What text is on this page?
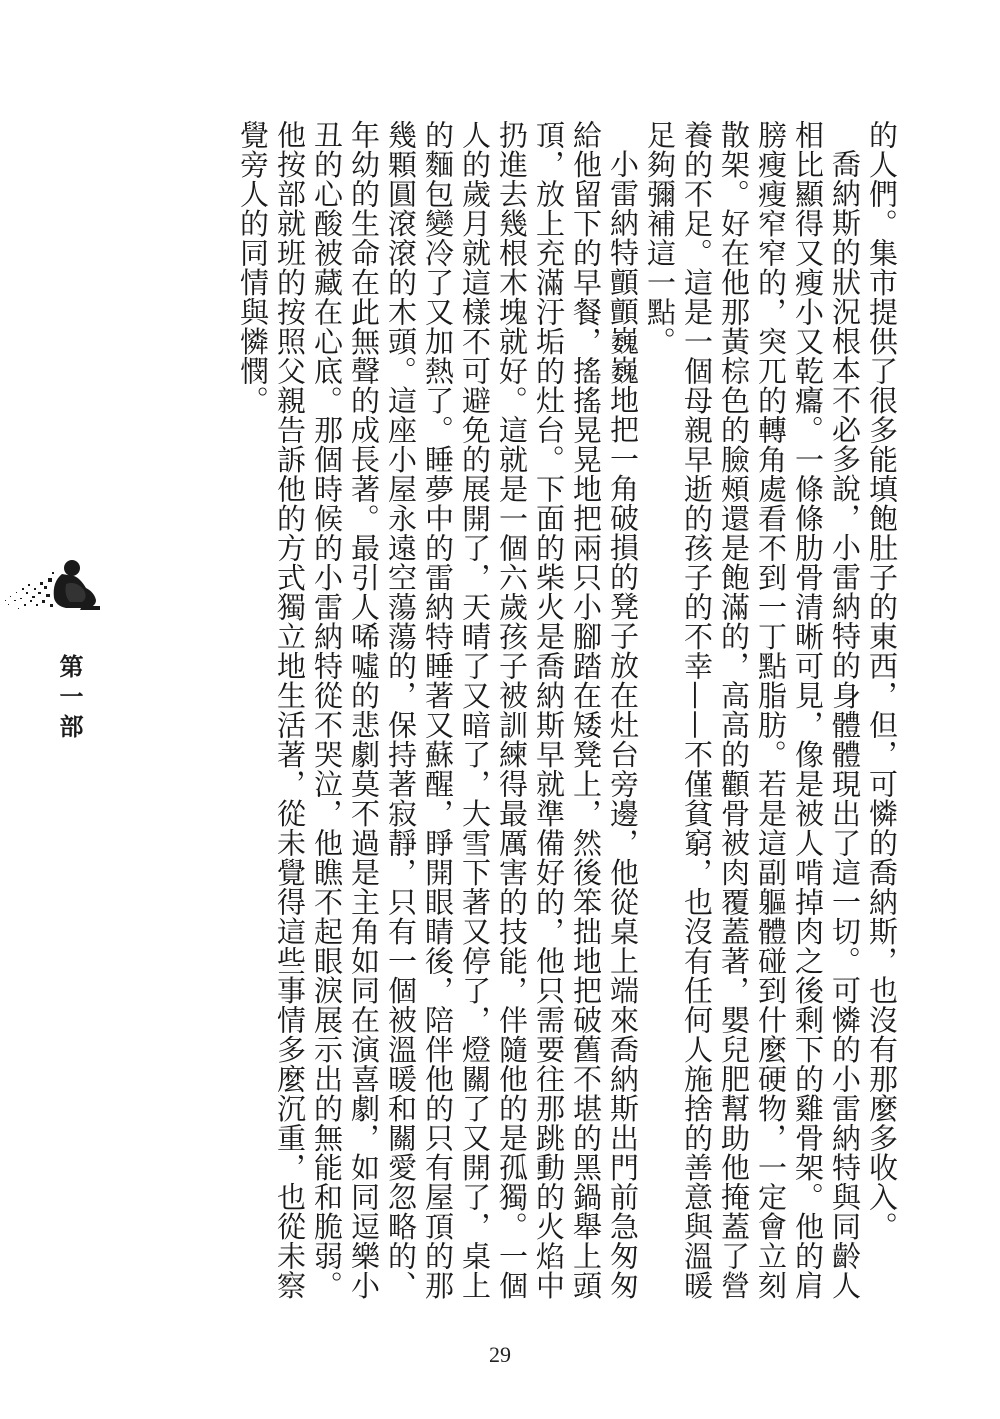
的人們。集市提供了很多能填飽肚子的東西，但，可憐的喬納斯，也沒有那麼多收入。

喬納斯的狀況根本不必多說，小雷納特的身體體現出了這一切。可憐的小雷納特與同齡人相比顯得又瘦小又乾癟。一條條肋骨清晰可見，像是被人啃掉肉之後剩下的雞骨架。他的肩膀瘦瘦窄窄的，突兀的轉角處看不到一丁點脂肪。若是這副軀體碰到什麼硬物，一定會立刻散架。好在他那黃棕色的臉頰還是飽滿的，高高的顴骨被肉覆蓋著，嬰兒肥幫助他掩蓋了營養的不足。這是一個母親早逝的孩子的不幸——不僅貧窮，也沒有任何人施捨的善意與溫暖足夠彌補這一點。

小雷納特顫顫巍巍地把一角破損的凳子放在灶台旁邊，他從桌上端來喬納斯出門前急匆匆給他留下的早餐，搖搖晃晃地把兩只小腳踏在矮凳上，然後笨拙地把破舊不堪的黑鍋舉上頭頂，放上充滿汙垢的灶台。下面的柴火是喬納斯早就準備好的，他只需要往那跳動的火焰中扔進去幾根木塊就好。這就是一個六歲孩子被訓練得最厲害的技能，伴隨他的是孤獨。一個人的歲月就這樣不可避免的展開了，天晴了又暗了，大雪下著又停了，燈關了又開了，桌上的麵包變冷了又加熱了。睡夢中的雷納特睡著又蘇醒，睜開眼睛後，陪伴他的只有屋頂的那幾顆圓滾滾的木頭。這座小屋永遠空蕩蕩的，保持著寂靜，只有一個被溫暖和關愛忽略的、年幼的生命在此無聲的成長著。最引人唏噓的悲劇莫不過是主角如同在演喜劇，如同逗樂小丑的心酸被藏在心底。那個時候的小雷納特從不哭泣，他瞧不起眼淚展示出的無能和脆弱。他按部就班的按照父親告訴他的方式獨立地生活著，從未覺得這些事情多麼沉重，也從未察覺旁人的同情與憐憫。

第一部
29
